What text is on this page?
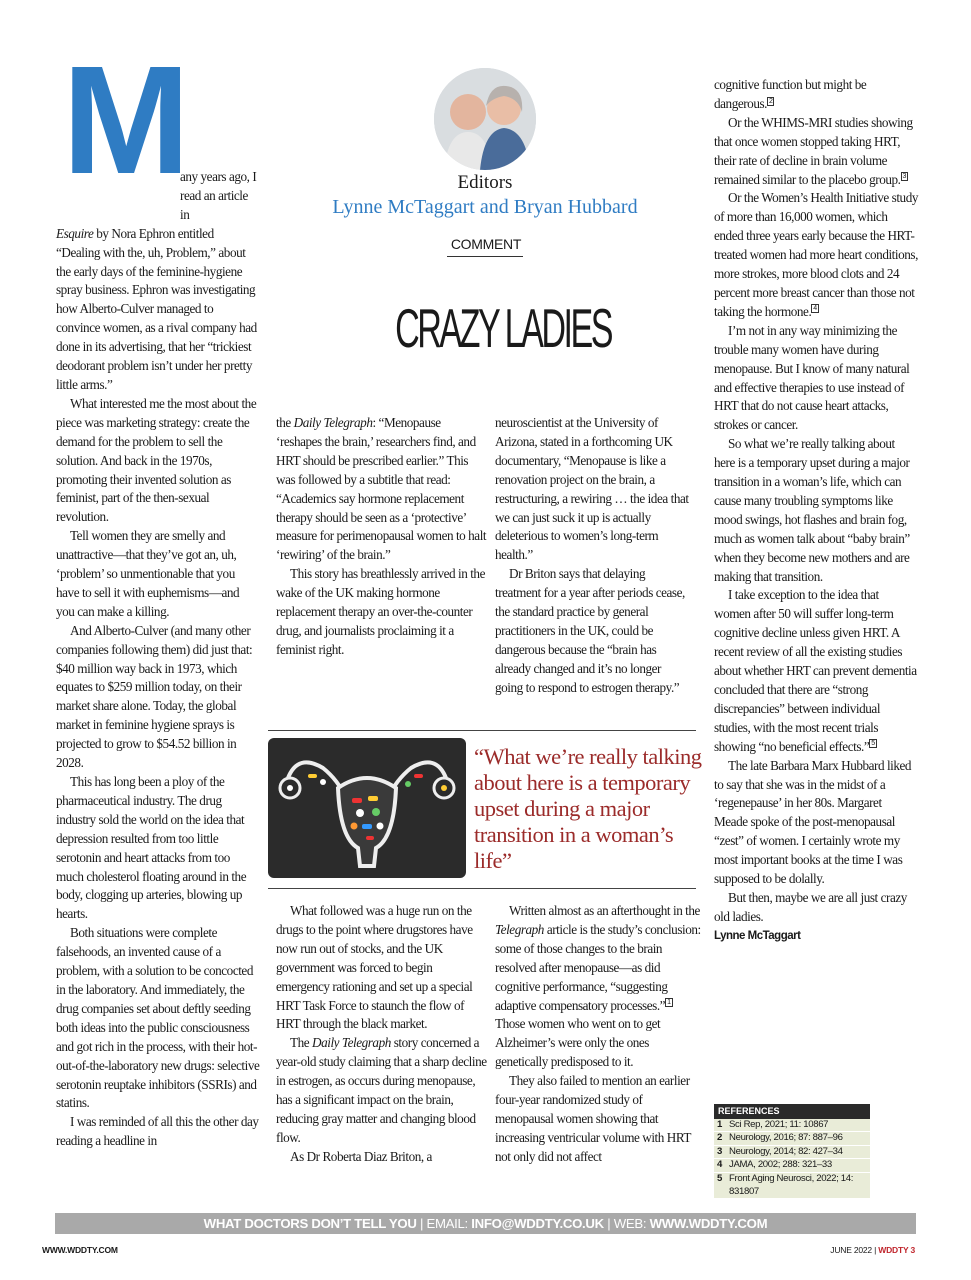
M

any years ago, I read an article in

Esquire by Nora Ephron entitled “Dealing with the, uh, Problem,” about the early days of the feminine-hygiene spray business. Ephron was investigating how Alberto-Culver managed to convince women, as a rival company had done in its advertising, that her “trickiest deodorant problem isn’t under her pretty little arms.”

What interested me the most about the piece was marketing strategy: create the demand for the problem to sell the solution. And back in the 1970s, promoting their invented solution as feminist, part of the then-sexual revolution.

Tell women they are smelly and unattractive—that they’ve got an, uh, ‘problem’ so unmentionable that you have to sell it with euphemisms—and you can make a killing.

And Alberto-Culver (and many other companies following them) did just that: $40 million way back in 1973, which equates to $259 million today, on their market share alone. Today, the global market in feminine hygiene sprays is projected to grow to $54.52 billion in 2028.

This has long been a ploy of the pharmaceutical industry. The drug industry sold the world on the idea that depression resulted from too little serotonin and heart attacks from too much cholesterol floating around in the body, clogging up arteries, blowing up hearts.

Both situations were complete falsehoods, an invented cause of a problem, with a solution to be concocted in the laboratory. And immediately, the drug companies set about deftly seeding both ideas into the public consciousness and got rich in the process, with their hot-out-of-the-laboratory new drugs: selective serotonin reuptake inhibitors (SSRIs) and statins.

I was reminded of all this the other day reading a headline in

Editors
Lynne McTaggart and Bryan Hubbard
COMMENT
CRAZY LADIES

the Daily Telegraph: “Menopause ‘reshapes the brain,’ researchers find, and HRT should be prescribed earlier.” This was followed by a subtitle that read: “Academics say hormone replacement therapy should be seen as a ‘protective’ measure for perimenopausal women to halt ‘rewiring’ of the brain.”

This story has breathlessly arrived in the wake of the UK making hormone replacement therapy an over-the-counter drug, and journalists proclaiming it a feminist right.

neuroscientist at the University of Arizona, stated in a forthcoming UK documentary, “Menopause is like a renovation project on the brain, a restructuring, a rewiring … the idea that we can just suck it up is actually deleterious to women’s long-term health.”

Dr Briton says that delaying treatment for a year after periods cease, the standard practice by general practitioners in the UK, could be dangerous because the “brain has already changed and it’s no longer going to respond to estrogen therapy.”

“What we’re really talking about here is a temporary upset during a major transition in a woman’s life”

What followed was a huge run on the drugs to the point where drugstores have now run out of stocks, and the UK government was forced to begin emergency rationing and set up a special HRT Task Force to staunch the flow of HRT through the black market.

The Daily Telegraph story concerned a year-old study claiming that a sharp decline in estrogen, as occurs during menopause, has a significant impact on the brain, reducing gray matter and changing blood flow.

As Dr Roberta Diaz Briton, a

Written almost as an afterthought in the Telegraph article is the study’s conclusion: some of those changes to the brain resolved after menopause—as did cognitive performance, “suggesting adaptive compensatory processes.” $^1$ Those women who went on to get Alzheimer’s were only the ones genetically predisposed to it.

They also failed to mention an earlier four-year randomized study of menopausal women showing that increasing ventricular volume with HRT not only did not affect

cognitive function but might be dangerous. $^2$

Or the WHIMS-MRI studies showing that once women stopped taking HRT, their rate of decline in brain volume remained similar to the placebo group. $^3$

Or the Women’s Health Initiative study of more than 16,000 women, which ended three years early because the HRT-treated women had more heart conditions, more strokes, more blood clots and 24 percent more breast cancer than those not taking the hormone. $^4$

I’m not in any way minimizing the trouble many women have during menopause. But I know of many natural and effective therapies to use instead of HRT that do not cause heart attacks, strokes or cancer.

So what we’re really talking about here is a temporary upset during a major transition in a woman’s life, which can cause many troubling symptoms like mood swings, hot flashes and brain fog, much as women talk about “baby brain” when they become new mothers and are making that transition.

I take exception to the idea that women after 50 will suffer long-term cognitive decline unless given HRT. A recent review of all the existing studies about whether HRT can prevent dementia concluded that there are “strong discrepancies” between individual studies, with the most recent trials showing “no beneficial effects.” $^5$

The late Barbara Marx Hubbard liked to say that she was in the midst of a ‘regenepause’ in her 80s. Margaret Meade spoke of the post-menopausal “zest” of women. I certainly wrote my most important books at the time I was supposed to be dolally.

But then, maybe we are all just crazy old ladies.

Lynne McTaggart
REFERENCES
1 Sci Rep, 2021; 11: 10867
2 Neurology, 2016; 87: 887–96
3 Neurology, 2014; 82: 427–34
4 JAMA, 2002; 288: 321–33
5 Front Aging Neurosci, 2022; 14: 831807
WHAT DOCTORS DON’T TELL YOU | EMAIL: INFO@WDDTY.CO.UK | WEB: WWW.WDDTY.COM
WWW.WDDTY.COM	JUNE 2022 | WDDTY 3
